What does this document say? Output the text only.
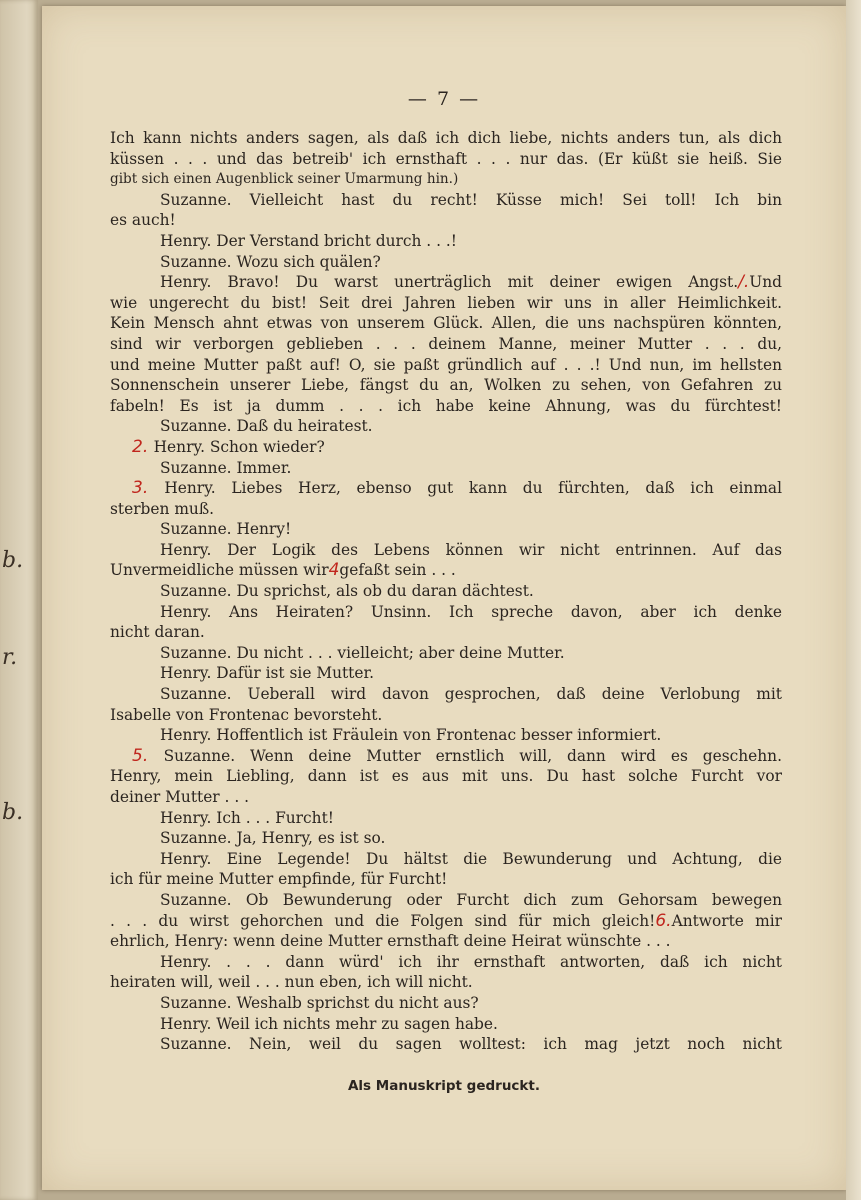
b.
r.
b.
— 7 —
Ich kann nichts anders sagen, als daß ich dich liebe, nichts anders tun, als dich
küssen . . . und das betreib' ich ernsthaft . . . nur das. (Er küßt sie heiß. Sie
gibt sich einen Augenblick seiner Umarmung hin.)
Suzanne. Vielleicht hast du recht! Küsse mich! Sei toll! Ich bin
es auch!
Henry. Der Verstand bricht durch . . .!
Suzanne. Wozu sich quälen?
Henry. Bravo! Du warst unerträglich mit deiner ewigen Angst./.Und
wie ungerecht du bist! Seit drei Jahren lieben wir uns in aller Heimlichkeit.
Kein Mensch ahnt etwas von unserem Glück. Allen, die uns nachspüren könnten,
sind wir verborgen geblieben . . . deinem Manne, meiner Mutter . . . du,
und meine Mutter paßt auf! O, sie paßt gründlich auf . . .! Und nun, im hellsten
Sonnenschein unserer Liebe, fängst du an, Wolken zu sehen, von Gefahren zu
fabeln! Es ist ja dumm . . . ich habe keine Ahnung, was du fürchtest!
Suzanne. Daß du heiratest.
2. Henry. Schon wieder?
Suzanne. Immer.
3. Henry. Liebes Herz, ebenso gut kann du fürchten, daß ich einmal
sterben muß.
Suzanne. Henry!
Henry. Der Logik des Lebens können wir nicht entrinnen. Auf das
Unvermeidliche müssen wir4gefaßt sein . . .
Suzanne. Du sprichst, als ob du daran dächtest.
Henry. Ans Heiraten? Unsinn. Ich spreche davon, aber ich denke
nicht daran.
Suzanne. Du nicht . . . vielleicht; aber deine Mutter.
Henry. Dafür ist sie Mutter.
Suzanne. Ueberall wird davon gesprochen, daß deine Verlobung mit
Isabelle von Frontenac bevorsteht.
Henry. Hoffentlich ist Fräulein von Frontenac besser informiert.
5. Suzanne. Wenn deine Mutter ernstlich will, dann wird es geschehn.
Henry, mein Liebling, dann ist es aus mit uns. Du hast solche Furcht vor
deiner Mutter . . .
Henry. Ich . . . Furcht!
Suzanne. Ja, Henry, es ist so.
Henry. Eine Legende! Du hältst die Bewunderung und Achtung, die
ich für meine Mutter empfinde, für Furcht!
Suzanne. Ob Bewunderung oder Furcht dich zum Gehorsam bewegen
. . . du wirst gehorchen und die Folgen sind für mich gleich!6.Antworte mir
ehrlich, Henry: wenn deine Mutter ernsthaft deine Heirat wünschte . . .
Henry. . . . dann würd' ich ihr ernsthaft antworten, daß ich nicht
heiraten will, weil . . . nun eben, ich will nicht.
Suzanne. Weshalb sprichst du nicht aus?
Henry. Weil ich nichts mehr zu sagen habe.
Suzanne. Nein, weil du sagen wolltest: ich mag jetzt noch nicht
Als Manuskript gedruckt.
